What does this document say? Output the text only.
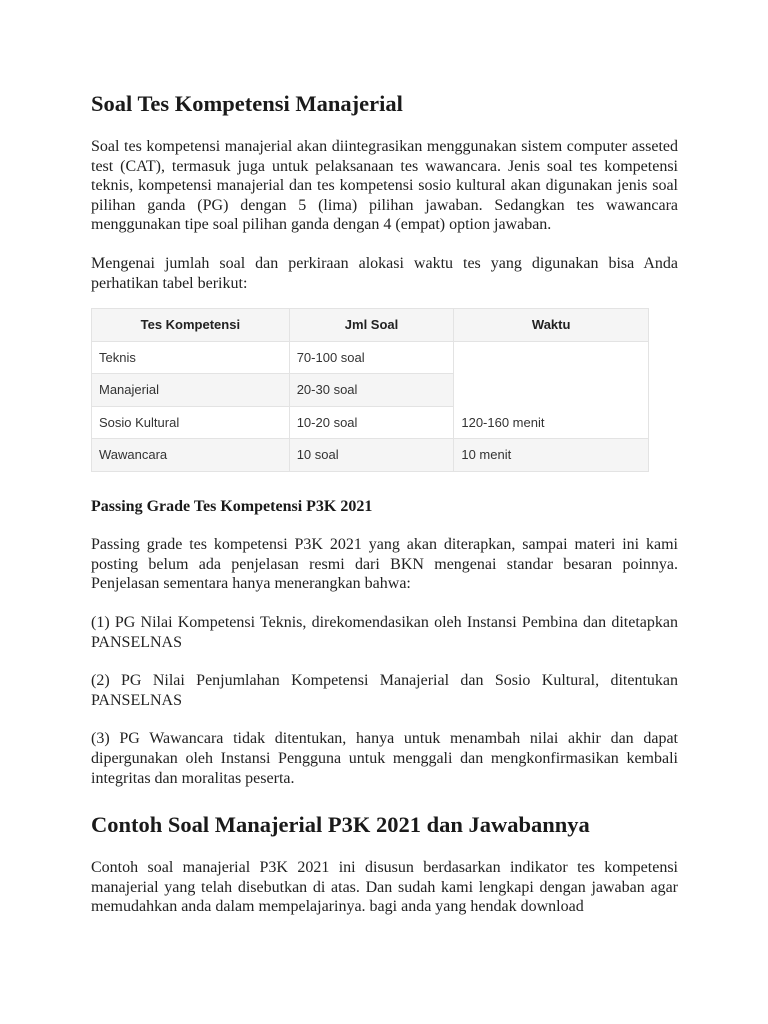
Soal Tes Kompetensi Manajerial

Soal tes kompetensi manajerial akan diintegrasikan menggunakan sistem computer asseted test (CAT), termasuk juga untuk pelaksanaan tes wawancara. Jenis soal tes kompetensi teknis, kompetensi manajerial dan tes kompetensi sosio kultural akan digunakan jenis soal pilihan ganda (PG) dengan 5 (lima) pilihan jawaban. Sedangkan tes wawancara menggunakan tipe soal pilihan ganda dengan 4 (empat) option jawaban.

Mengenai jumlah soal dan perkiraan alokasi waktu tes yang digunakan bisa Anda perhatikan tabel berikut:

Tes Kompetensi	Jml Soal	Waktu
Teknis	70-100 soal	120-160 menit
Manajerial	20-30 soal	
Sosio Kultural	10-20 soal	
Wawancara	10 soal	10 menit
Passing Grade Tes Kompetensi P3K 2021

Passing grade tes kompetensi P3K 2021 yang akan diterapkan, sampai materi ini kami posting belum ada penjelasan resmi dari BKN mengenai standar besaran poinnya. Penjelasan sementara hanya menerangkan bahwa:

(1) PG Nilai Kompetensi Teknis, direkomendasikan oleh Instansi Pembina dan ditetapkan PANSELNAS

(2) PG Nilai Penjumlahan Kompetensi Manajerial dan Sosio Kultural, ditentukan PANSELNAS

(3) PG Wawancara tidak ditentukan, hanya untuk menambah nilai akhir dan dapat dipergunakan oleh Instansi Pengguna untuk menggali dan mengkonfirmasikan kembali integritas dan moralitas peserta.

Contoh Soal Manajerial P3K 2021 dan Jawabannya

Contoh soal manajerial P3K 2021 ini disusun berdasarkan indikator tes kompetensi manajerial yang telah disebutkan di atas. Dan sudah kami lengkapi dengan jawaban agar memudahkan anda dalam mempelajarinya. bagi anda yang hendak download
